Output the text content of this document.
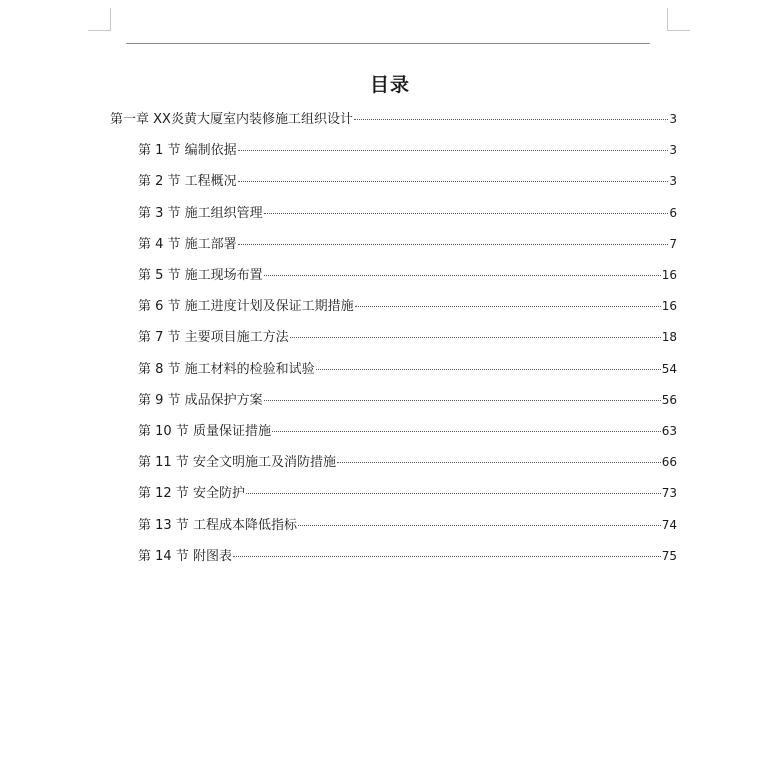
目录
第一章 XX炎黄大厦室内装修施工组织设计	3
第 1 节 编制依据	3
第 2 节 工程概况	3
第 3 节 施工组织管理	6
第 4 节 施工部署	7
第 5 节 施工现场布置	16
第 6 节 施工进度计划及保证工期措施	16
第 7 节 主要项目施工方法	18
第 8 节 施工材料的检验和试验	54
第 9 节 成品保护方案	56
第 10 节 质量保证措施	63
第 11 节 安全文明施工及消防措施	66
第 12 节 安全防护	73
第 13 节 工程成本降低指标	74
第 14 节 附图表	75
